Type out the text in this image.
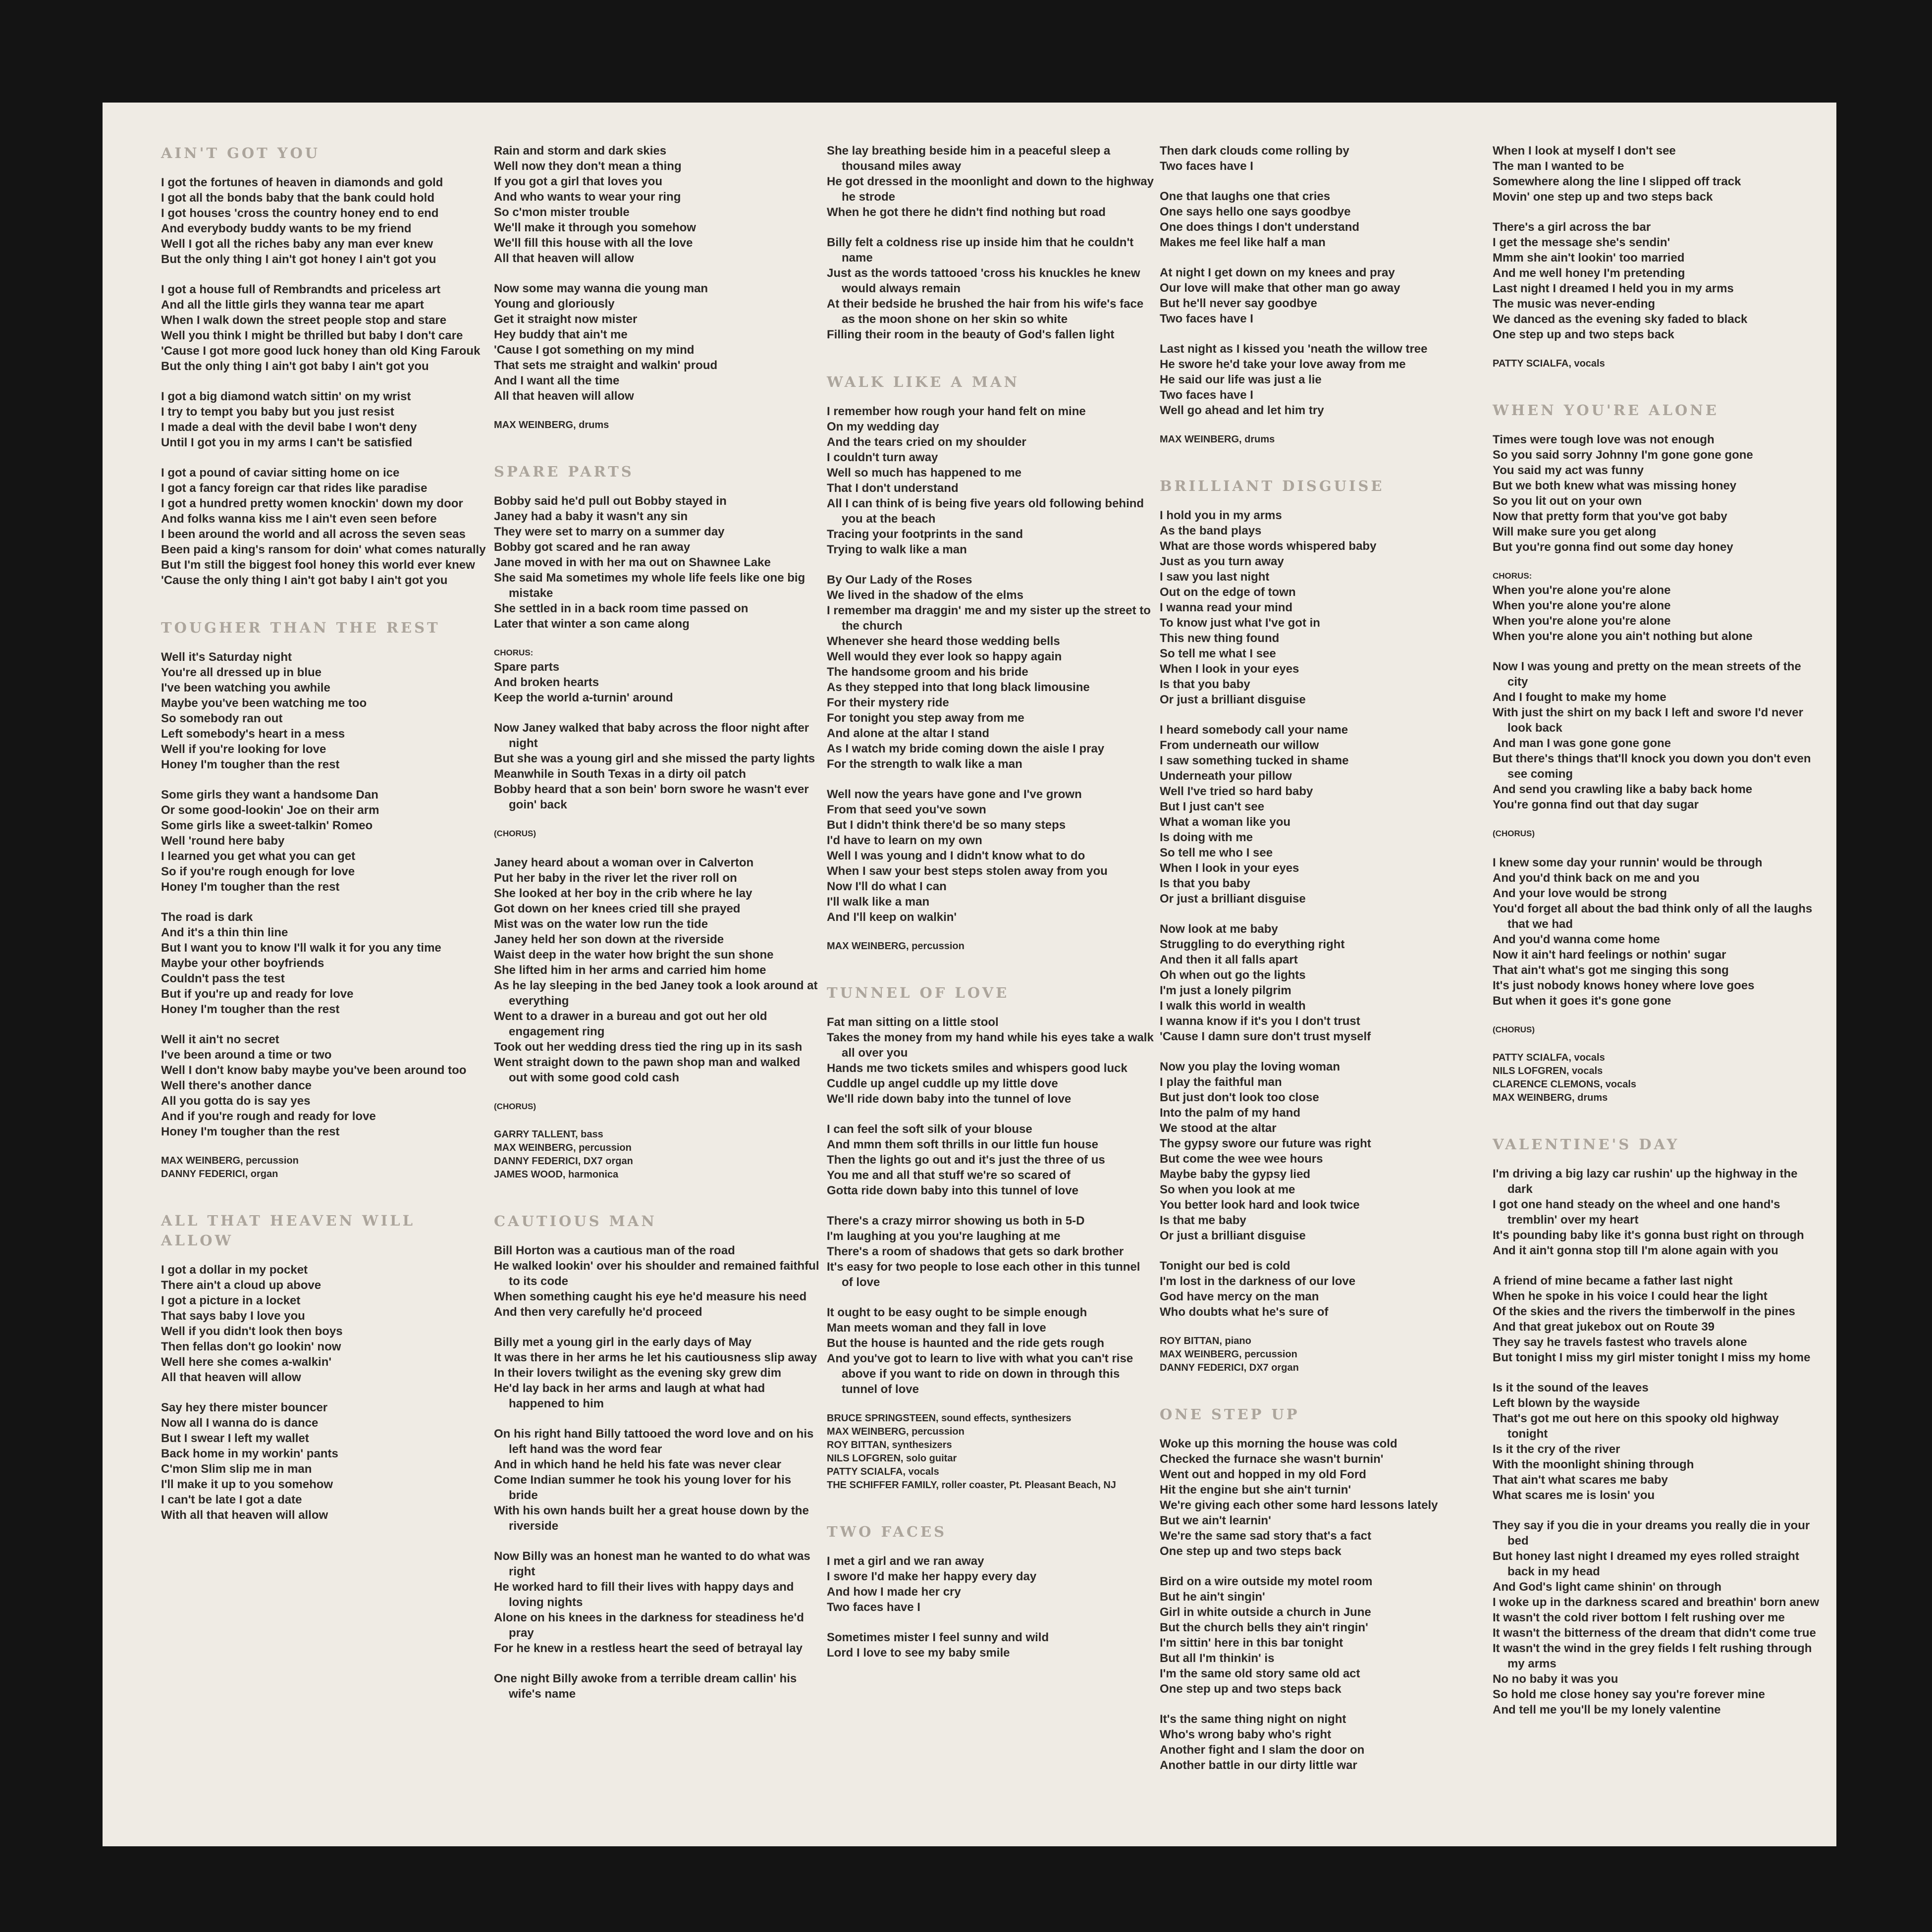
AIN'T GOT YOU
I got the fortunes of heaven in diamonds and gold
I got all the bonds baby that the bank could hold
I got houses 'cross the country honey end to end
And everybody buddy wants to be my friend
Well I got all the riches baby any man ever knew
But the only thing I ain't got honey I ain't got you
I got a house full of Rembrandts and priceless art
And all the little girls they wanna tear me apart
When I walk down the street people stop and stare
Well you think I might be thrilled but baby I don't care
'Cause I got more good luck honey than old King Farouk
But the only thing I ain't got baby I ain't got you
I got a big diamond watch sittin' on my wrist
I try to tempt you baby but you just resist
I made a deal with the devil babe I won't deny
Until I got you in my arms I can't be satisfied
I got a pound of caviar sitting home on ice
I got a fancy foreign car that rides like paradise
I got a hundred pretty women knockin' down my door
And folks wanna kiss me I ain't even seen before
I been around the world and all across the seven seas
Been paid a king's ransom for doin' what comes naturally
But I'm still the biggest fool honey this world ever knew
'Cause the only thing I ain't got baby I ain't got you
TOUGHER THAN THE REST
Well it's Saturday night
You're all dressed up in blue
I've been watching you awhile
Maybe you've been watching me too
So somebody ran out
Left somebody's heart in a mess
Well if you're looking for love
Honey I'm tougher than the rest
Some girls they want a handsome Dan
Or some good-lookin' Joe on their arm
Some girls like a sweet-talkin' Romeo
Well 'round here baby
I learned you get what you can get
So if you're rough enough for love
Honey I'm tougher than the rest
The road is dark
And it's a thin thin line
But I want you to know I'll walk it for you any time
Maybe your other boyfriends
Couldn't pass the test
But if you're up and ready for love
Honey I'm tougher than the rest
Well it ain't no secret
I've been around a time or two
Well I don't know baby maybe you've been around too
Well there's another dance
All you gotta do is say yes
And if you're rough and ready for love
Honey I'm tougher than the rest
MAX WEINBERG, percussion
DANNY FEDERICI, organ
ALL THAT HEAVEN WILL ALLOW
I got a dollar in my pocket
There ain't a cloud up above
I got a picture in a locket
That says baby I love you
Well if you didn't look then boys
Then fellas don't go lookin' now
Well here she comes a-walkin'
All that heaven will allow
Say hey there mister bouncer
Now all I wanna do is dance
But I swear I left my wallet
Back home in my workin' pants
C'mon Slim slip me in man
I'll make it up to you somehow
I can't be late I got a date
With all that heaven will allow
Rain and storm and dark skies
Well now they don't mean a thing
If you got a girl that loves you
And who wants to wear your ring
So c'mon mister trouble
We'll make it through you somehow
We'll fill this house with all the love
All that heaven will allow
Now some may wanna die young man
Young and gloriously
Get it straight now mister
Hey buddy that ain't me
'Cause I got something on my mind
That sets me straight and walkin' proud
And I want all the time
All that heaven will allow
MAX WEINBERG, drums
SPARE PARTS
Bobby said he'd pull out Bobby stayed in
Janey had a baby it wasn't any sin
They were set to marry on a summer day
Bobby got scared and he ran away
Jane moved in with her ma out on Shawnee Lake
She said Ma sometimes my whole life feels like one big mistake
She settled in in a back room time passed on
Later that winter a son came along
CHORUS:
Spare parts
And broken hearts
Keep the world a-turnin' around
Now Janey walked that baby across the floor night after night
But she was a young girl and she missed the party lights
Meanwhile in South Texas in a dirty oil patch
Bobby heard that a son bein' born swore he wasn't ever goin' back
(CHORUS)
Janey heard about a woman over in Calverton
Put her baby in the river let the river roll on
She looked at her boy in the crib where he lay
Got down on her knees cried till she prayed
Mist was on the water low run the tide
Janey held her son down at the riverside
Waist deep in the water how bright the sun shone
She lifted him in her arms and carried him home
As he lay sleeping in the bed Janey took a look around at everything
Went to a drawer in a bureau and got out her old engagement ring
Took out her wedding dress tied the ring up in its sash
Went straight down to the pawn shop man and walked out with some good cold cash
(CHORUS)
GARRY TALLENT, bass
MAX WEINBERG, percussion
DANNY FEDERICI, DX7 organ
JAMES WOOD, harmonica
CAUTIOUS MAN
Bill Horton was a cautious man of the road
He walked lookin' over his shoulder and remained faithful to its code
When something caught his eye he'd measure his need
And then very carefully he'd proceed
Billy met a young girl in the early days of May
It was there in her arms he let his cautiousness slip away
In their lovers twilight as the evening sky grew dim
He'd lay back in her arms and laugh at what had happened to him
On his right hand Billy tattooed the word love and on his left hand was the word fear
And in which hand he held his fate was never clear
Come Indian summer he took his young lover for his bride
With his own hands built her a great house down by the riverside
Now Billy was an honest man he wanted to do what was right
He worked hard to fill their lives with happy days and loving nights
Alone on his knees in the darkness for steadiness he'd pray
For he knew in a restless heart the seed of betrayal lay
One night Billy awoke from a terrible dream callin' his wife's name
She lay breathing beside him in a peaceful sleep a thousand miles away
He got dressed in the moonlight and down to the highway he strode
When he got there he didn't find nothing but road
Billy felt a coldness rise up inside him that he couldn't name
Just as the words tattooed 'cross his knuckles he knew would always remain
At their bedside he brushed the hair from his wife's face as the moon shone on her skin so white
Filling their room in the beauty of God's fallen light
WALK LIKE A MAN
I remember how rough your hand felt on mine
On my wedding day
And the tears cried on my shoulder
I couldn't turn away
Well so much has happened to me
That I don't understand
All I can think of is being five years old following behind you at the beach
Tracing your footprints in the sand
Trying to walk like a man
By Our Lady of the Roses
We lived in the shadow of the elms
I remember ma draggin' me and my sister up the street to the church
Whenever she heard those wedding bells
Well would they ever look so happy again
The handsome groom and his bride
As they stepped into that long black limousine
For their mystery ride
For tonight you step away from me
And alone at the altar I stand
As I watch my bride coming down the aisle I pray
For the strength to walk like a man
Well now the years have gone and I've grown
From that seed you've sown
But I didn't think there'd be so many steps
I'd have to learn on my own
Well I was young and I didn't know what to do
When I saw your best steps stolen away from you
Now I'll do what I can
I'll walk like a man
And I'll keep on walkin'
MAX WEINBERG, percussion
TUNNEL OF LOVE
Fat man sitting on a little stool
Takes the money from my hand while his eyes take a walk all over you
Hands me two tickets smiles and whispers good luck
Cuddle up angel cuddle up my little dove
We'll ride down baby into the tunnel of love
I can feel the soft silk of your blouse
And mmn them soft thrills in our little fun house
Then the lights go out and it's just the three of us
You me and all that stuff we're so scared of
Gotta ride down baby into this tunnel of love
There's a crazy mirror showing us both in 5-D
I'm laughing at you you're laughing at me
There's a room of shadows that gets so dark brother
It's easy for two people to lose each other in this tunnel of love
It ought to be easy ought to be simple enough
Man meets woman and they fall in love
But the house is haunted and the ride gets rough
And you've got to learn to live with what you can't rise above if you want to ride on down in through this tunnel of love
BRUCE SPRINGSTEEN, sound effects, synthesizers
MAX WEINBERG, percussion
ROY BITTAN, synthesizers
NILS LOFGREN, solo guitar
PATTY SCIALFA, vocals
THE SCHIFFER FAMILY, roller coaster, Pt. Pleasant Beach, NJ
TWO FACES
I met a girl and we ran away
I swore I'd make her happy every day
And how I made her cry
Two faces have I
Sometimes mister I feel sunny and wild
Lord I love to see my baby smile
Then dark clouds come rolling by
Two faces have I
One that laughs one that cries
One says hello one says goodbye
One does things I don't understand
Makes me feel like half a man
At night I get down on my knees and pray
Our love will make that other man go away
But he'll never say goodbye
Two faces have I
Last night as I kissed you 'neath the willow tree
He swore he'd take your love away from me
He said our life was just a lie
Two faces have I
Well go ahead and let him try
MAX WEINBERG, drums
BRILLIANT DISGUISE
I hold you in my arms
As the band plays
What are those words whispered baby
Just as you turn away
I saw you last night
Out on the edge of town
I wanna read your mind
To know just what I've got in
This new thing found
So tell me what I see
When I look in your eyes
Is that you baby
Or just a brilliant disguise
I heard somebody call your name
From underneath our willow
I saw something tucked in shame
Underneath your pillow
Well I've tried so hard baby
But I just can't see
What a woman like you
Is doing with me
So tell me who I see
When I look in your eyes
Is that you baby
Or just a brilliant disguise
Now look at me baby
Struggling to do everything right
And then it all falls apart
Oh when out go the lights
I'm just a lonely pilgrim
I walk this world in wealth
I wanna know if it's you I don't trust
'Cause I damn sure don't trust myself
Now you play the loving woman
I play the faithful man
But just don't look too close
Into the palm of my hand
We stood at the altar
The gypsy swore our future was right
But come the wee wee hours
Maybe baby the gypsy lied
So when you look at me
You better look hard and look twice
Is that me baby
Or just a brilliant disguise
Tonight our bed is cold
I'm lost in the darkness of our love
God have mercy on the man
Who doubts what he's sure of
ROY BITTAN, piano
MAX WEINBERG, percussion
DANNY FEDERICI, DX7 organ
ONE STEP UP
Woke up this morning the house was cold
Checked the furnace she wasn't burnin'
Went out and hopped in my old Ford
Hit the engine but she ain't turnin'
We're giving each other some hard lessons lately
But we ain't learnin'
We're the same sad story that's a fact
One step up and two steps back
Bird on a wire outside my motel room
But he ain't singin'
Girl in white outside a church in June
But the church bells they ain't ringin'
I'm sittin' here in this bar tonight
But all I'm thinkin' is
I'm the same old story same old act
One step up and two steps back
It's the same thing night on night
Who's wrong baby who's right
Another fight and I slam the door on
Another battle in our dirty little war
When I look at myself I don't see
The man I wanted to be
Somewhere along the line I slipped off track
Movin' one step up and two steps back
There's a girl across the bar
I get the message she's sendin'
Mmm she ain't lookin' too married
And me well honey I'm pretending
Last night I dreamed I held you in my arms
The music was never-ending
We danced as the evening sky faded to black
One step up and two steps back
PATTY SCIALFA, vocals
WHEN YOU'RE ALONE
Times were tough love was not enough
So you said sorry Johnny I'm gone gone gone
You said my act was funny
But we both knew what was missing honey
So you lit out on your own
Now that pretty form that you've got baby
Will make sure you get along
But you're gonna find out some day honey
CHORUS:
When you're alone you're alone
When you're alone you're alone
When you're alone you're alone
When you're alone you ain't nothing but alone
Now I was young and pretty on the mean streets of the city
And I fought to make my home
With just the shirt on my back I left and swore I'd never look back
And man I was gone gone gone
But there's things that'll knock you down you don't even see coming
And send you crawling like a baby back home
You're gonna find out that day sugar
(CHORUS)
I knew some day your runnin' would be through
And you'd think back on me and you
And your love would be strong
You'd forget all about the bad think only of all the laughs that we had
And you'd wanna come home
Now it ain't hard feelings or nothin' sugar
That ain't what's got me singing this song
It's just nobody knows honey where love goes
But when it goes it's gone gone
(CHORUS)
PATTY SCIALFA, vocals
NILS LOFGREN, vocals
CLARENCE CLEMONS, vocals
MAX WEINBERG, drums
VALENTINE'S DAY
I'm driving a big lazy car rushin' up the highway in the dark
I got one hand steady on the wheel and one hand's tremblin' over my heart
It's pounding baby like it's gonna bust right on through
And it ain't gonna stop till I'm alone again with you
A friend of mine became a father last night
When he spoke in his voice I could hear the light
Of the skies and the rivers the timberwolf in the pines
And that great jukebox out on Route 39
They say he travels fastest who travels alone
But tonight I miss my girl mister tonight I miss my home
Is it the sound of the leaves
Left blown by the wayside
That's got me out here on this spooky old highway tonight
Is it the cry of the river
With the moonlight shining through
That ain't what scares me baby
What scares me is losin' you
They say if you die in your dreams you really die in your bed
But honey last night I dreamed my eyes rolled straight back in my head
And God's light came shinin' on through
I woke up in the darkness scared and breathin' born anew
It wasn't the cold river bottom I felt rushing over me
It wasn't the bitterness of the dream that didn't come true
It wasn't the wind in the grey fields I felt rushing through my arms
No no baby it was you
So hold me close honey say you're forever mine
And tell me you'll be my lonely valentine
